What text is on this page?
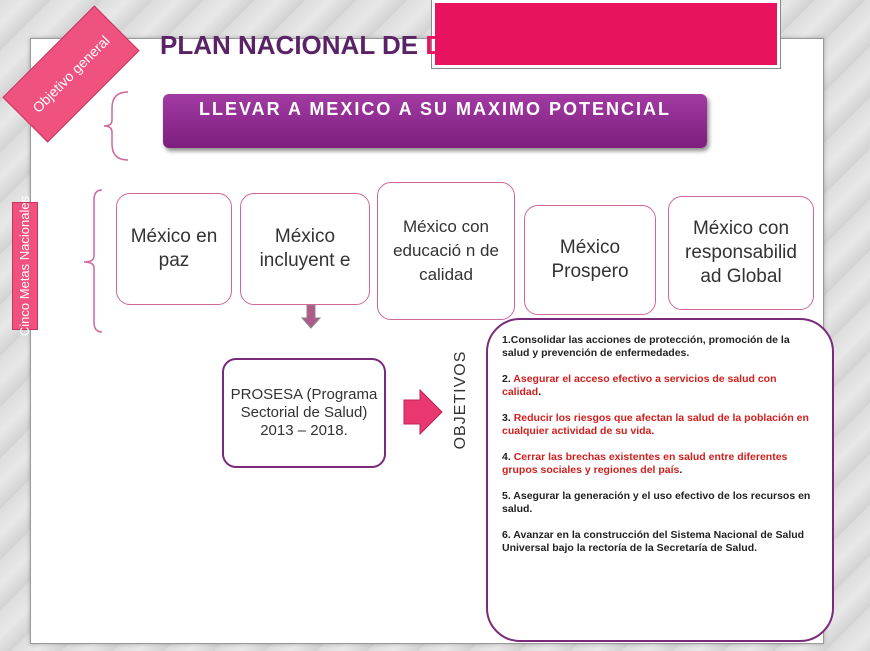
PLAN NACIONAL DE DESARROLLO 2013-2018.
Objetivo general
Cinco Metas Nacionales
LLEVAR A MEXICO A SU MAXIMO POTENCIAL
México en paz
México incluyent e
México con educació n de calidad
México Prospero
México con responsabilid ad Global
PROSESA (Programa Sectorial de Salud) 2013 – 2018.	OBJETIVOS

1.Consolidar las acciones de protección, promoción de la salud y prevención de enfermedades.

2. Asegurar el acceso efectivo a servicios de salud con calidad.

3. Reducir los riesgos que afectan la salud de la población en cualquier actividad de su vida.

4. Cerrar las brechas existentes en salud entre diferentes grupos sociales y regiones del país.

5. Asegurar la generación y el uso efectivo de los recursos en salud.

6. Avanzar en la construcción del Sistema Nacional de Salud Universal bajo la rectoría de la Secretaría de Salud.
